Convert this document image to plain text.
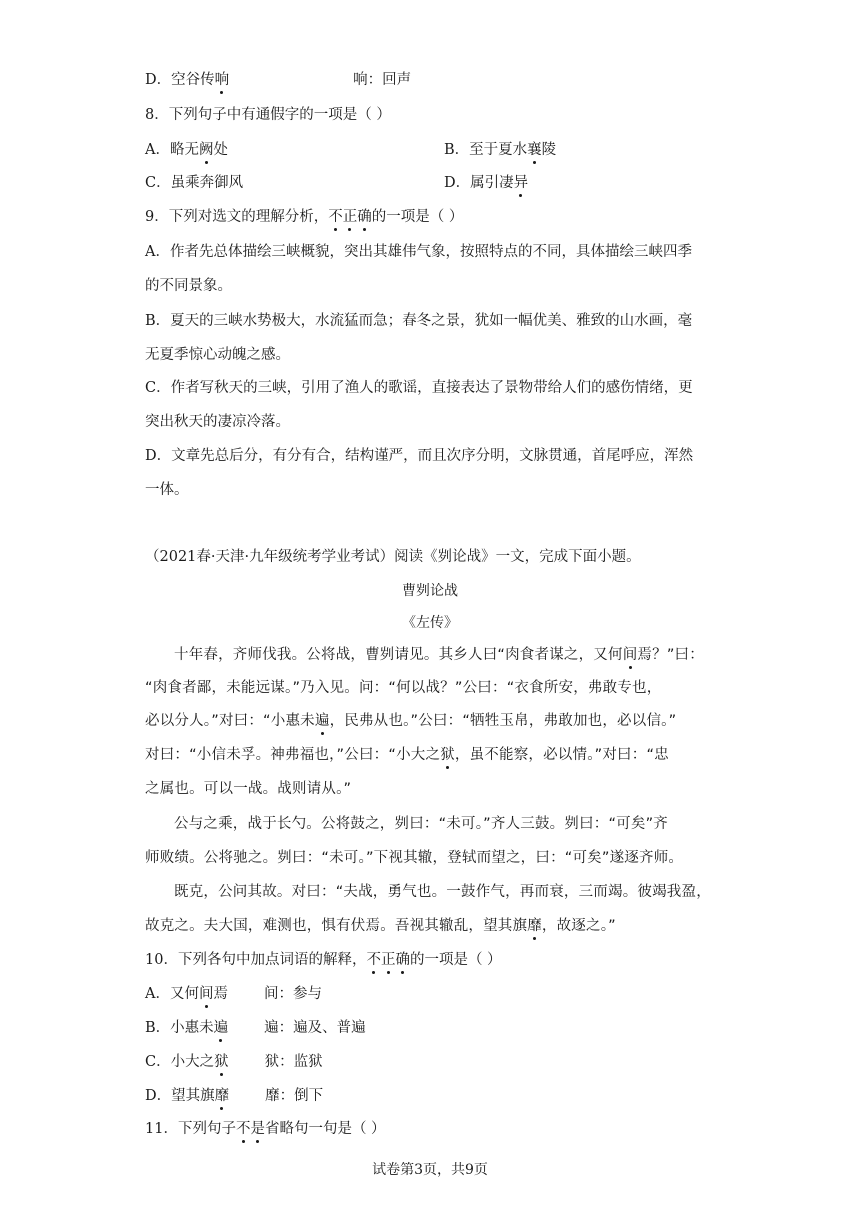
D．空谷传响	响：回声
8．下列句子中有通假字的一项是（ ）
A．略无阙处	B．至于夏水襄陵
C．虽乘奔御风	D．属引凄异
9．下列对选文的理解分析，不正确的一项是（ ）
A．作者先总体描绘三峡概貌，突出其雄伟气象，按照特点的不同，具体描绘三峡四季
的不同景象。
B．夏天的三峡水势极大，水流猛而急；春冬之景，犹如一幅优美、雅致的山水画，毫
无夏季惊心动魄之感。
C．作者写秋天的三峡，引用了渔人的歌谣，直接表达了景物带给人们的感伤情绪，更
突出秋天的凄凉冷落。
D．文章先总后分，有分有合，结构谨严，而且次序分明，文脉贯通，首尾呼应，浑然
一体。
（2021春·天津·九年级统考学业考试）阅读《刿论战》一文，完成下面小题。
曹刿论战
《左传》
十年春，齐师伐我。公将战，曹刿请见。其乡人曰“肉食者谋之，又何间焉？”曰：
“肉食者鄙，未能远谋。”乃入见。问：“何以战？”公曰：“衣食所安，弗敢专也，
必以分人。”对曰：“小惠未遍，民弗从也。”公曰：“牺牲玉帛，弗敢加也，必以信。”
对曰：“小信未孚。神弗福也，”公曰：“小大之狱，虽不能察，必以情。”对曰：“忠
之属也。可以一战。战则请从。”
公与之乘，战于长勺。公将鼓之，刿曰：“未可。”齐人三鼓。刿曰：“可矣”齐
师败绩。公将驰之。刿曰：“未可。”下视其辙，登轼而望之，曰：“可矣”遂逐齐师。
既克，公问其故。对曰：“夫战，勇气也。一鼓作气，再而衰，三而竭。彼竭我盈，
故克之。夫大国，难测也，惧有伏焉。吾视其辙乱，望其旗靡，故逐之。”
10．下列各句中加点词语的解释，不正确的一项是（ ）
A．又何间焉 间：参与
B．小惠未遍 遍：遍及、普遍
C．小大之狱 狱：监狱
D．望其旗靡 靡：倒下
11．下列句子不是省略句一句是（ ）
试卷第3页，共9页
